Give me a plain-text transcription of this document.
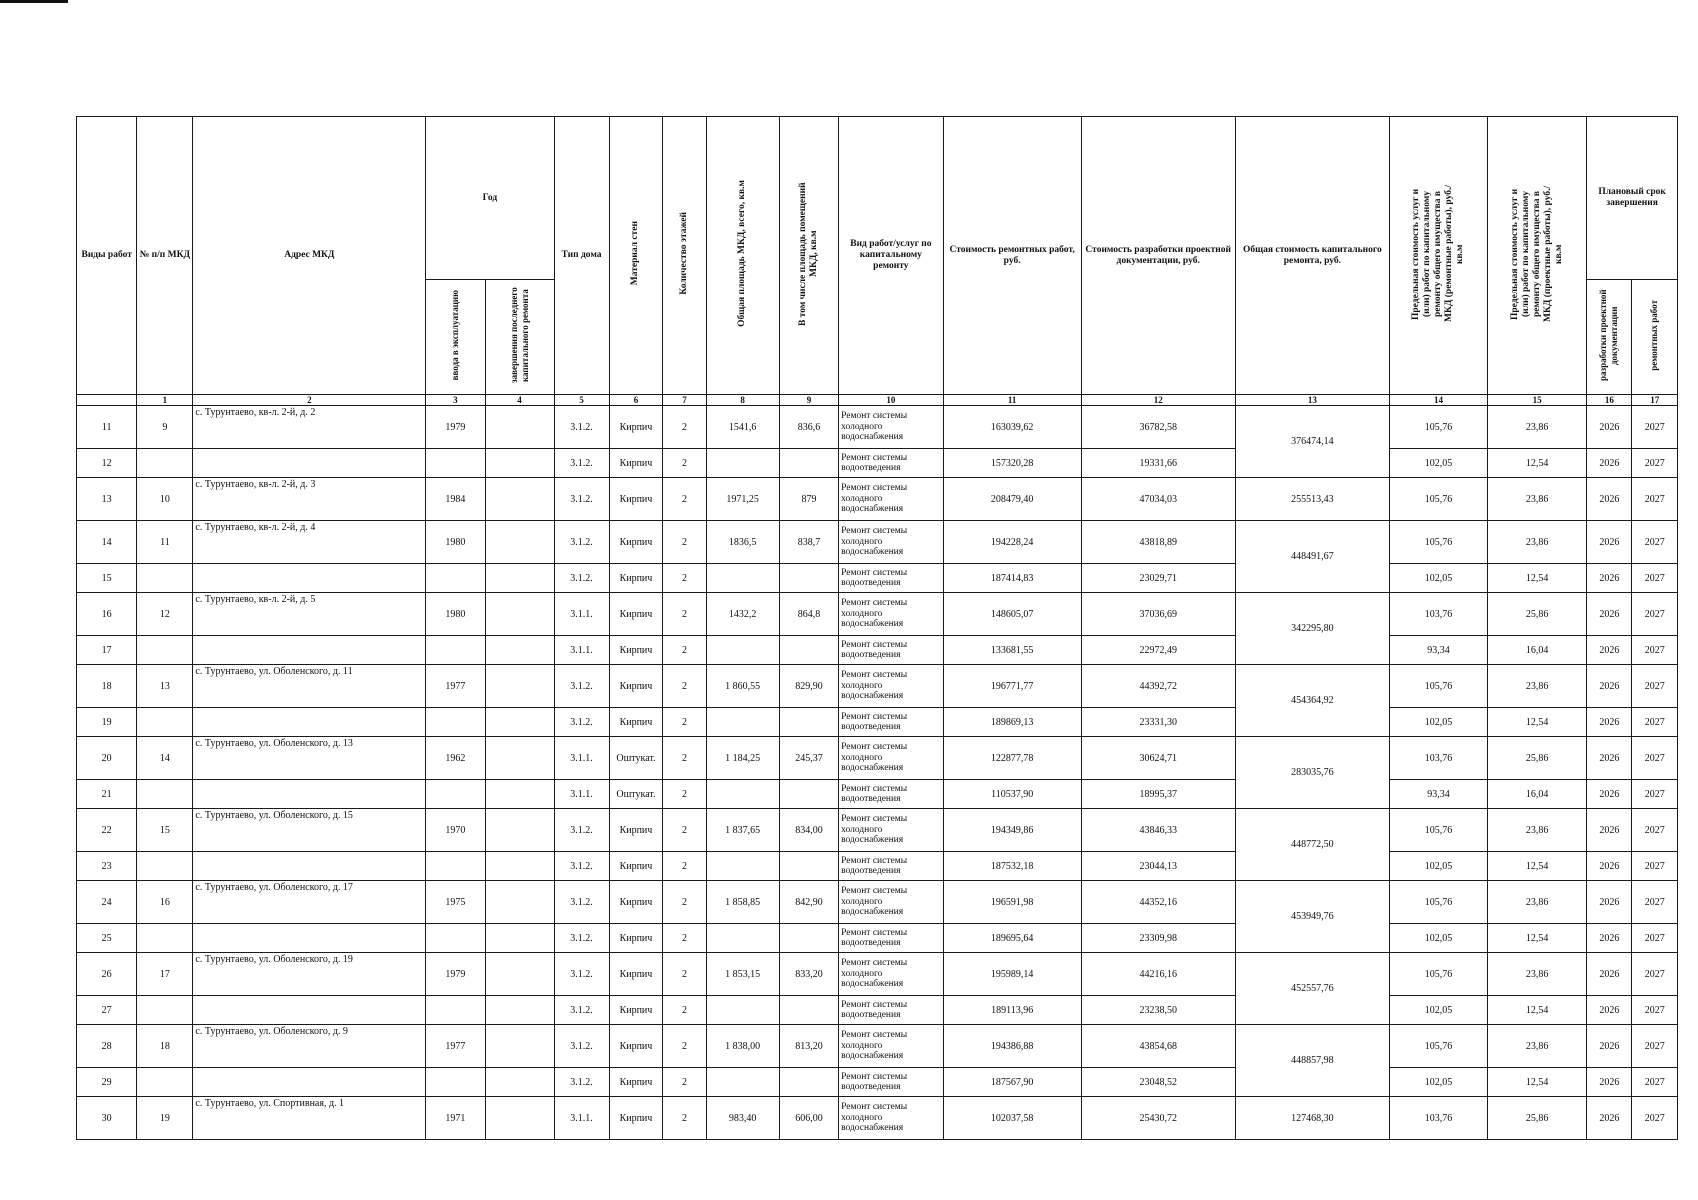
Виды работ	№ п/п МКД	Адрес МКД	Год		Тип дома	Материал стен	Количество этажей	Общая площадь МКД, всего, кв.м	В том числе площадь помещений МКД, кв.м	Вид работ/услуг по капитальному ремонту	Стоимость ремонтных работ, руб.	Стоимость разработки проектной документации, руб.	Общая стоимость капитального ремонта, руб.	Предельная стоимость услуг и (или) работ по капитальному ремонту общего имущества в МКД (ремонтные работы), руб./кв.м	Предельная стоимость услуг и (или) работ по капитальному ремонту общего имущества в МКД (проектные работы), руб./кв.м	Плановый срок завершения	
			ввода в эксплуатацию	завершения последнего капитального ремонта												разработки проектной документации	ремонтных работ
	1	2	3	4	5	6	7	8	9	10	11	12	13	14	15	16	17
11	9	с. Турунтаево, кв-л. 2-й, д. 2	1979		3.1.2.	Кирпич	2	1541,6	836,6	Ремонт системы холодного водоснабжения	163039,62	36782,58	376474,14	105,76	23,86	2026	2027
12					3.1.2.	Кирпич	2			Ремонт системы водоотведения	157320,28	19331,66		102,05	12,54	2026	2027
13	10	с. Турунтаево, кв-л. 2-й, д. 3	1984		3.1.2.	Кирпич	2	1971,25	879	Ремонт системы холодного водоснабжения	208479,40	47034,03	255513,43	105,76	23,86	2026	2027
14	11	с. Турунтаево, кв-л. 2-й, д. 4	1980		3.1.2.	Кирпич	2	1836,5	838,7	Ремонт системы холодного водоснабжения	194228,24	43818,89	448491,67	105,76	23,86	2026	2027
15					3.1.2.	Кирпич	2			Ремонт системы водоотведения	187414,83	23029,71		102,05	12,54	2026	2027
16	12	с. Турунтаево, кв-л. 2-й, д. 5	1980		3.1.1.	Кирпич	2	1432,2	864,8	Ремонт системы холодного водоснабжения	148605,07	37036,69	342295,80	103,76	25,86	2026	2027
17					3.1.1.	Кирпич	2			Ремонт системы водоотведения	133681,55	22972,49		93,34	16,04	2026	2027
18	13	с. Турунтаево, ул. Оболенского, д. 11	1977		3.1.2.	Кирпич	2	1 860,55	829,90	Ремонт системы холодного водоснабжения	196771,77	44392,72	454364,92	105,76	23,86	2026	2027
19					3.1.2.	Кирпич	2			Ремонт системы водоотведения	189869,13	23331,30		102,05	12,54	2026	2027
20	14	с. Турунтаево, ул. Оболенского, д. 13	1962		3.1.1.	Оштукат.	2	1 184,25	245,37	Ремонт системы холодного водоснабжения	122877,78	30624,71	283035,76	103,76	25,86	2026	2027
21					3.1.1.	Оштукат.	2			Ремонт системы водоотведения	110537,90	18995,37		93,34	16,04	2026	2027
22	15	с. Турунтаево, ул. Оболенского, д. 15	1970		3.1.2.	Кирпич	2	1 837,65	834,00	Ремонт системы холодного водоснабжения	194349,86	43846,33	448772,50	105,76	23,86	2026	2027
23					3.1.2.	Кирпич	2			Ремонт системы водоотведения	187532,18	23044,13		102,05	12,54	2026	2027
24	16	с. Турунтаево, ул. Оболенского, д. 17	1975		3.1.2.	Кирпич	2	1 858,85	842,90	Ремонт системы холодного водоснабжения	196591,98	44352,16	453949,76	105,76	23,86	2026	2027
25					3.1.2.	Кирпич	2			Ремонт системы водоотведения	189695,64	23309,98		102,05	12,54	2026	2027
26	17	с. Турунтаево, ул. Оболенского, д. 19	1979		3.1.2.	Кирпич	2	1 853,15	833,20	Ремонт системы холодного водоснабжения	195989,14	44216,16	452557,76	105,76	23,86	2026	2027
27					3.1.2.	Кирпич	2			Ремонт системы водоотведения	189113,96	23238,50		102,05	12,54	2026	2027
28	18	с. Турунтаево, ул. Оболенского, д. 9	1977		3.1.2.	Кирпич	2	1 838,00	813,20	Ремонт системы холодного водоснабжения	194386,88	43854,68	448857,98	105,76	23,86	2026	2027
29					3.1.2.	Кирпич	2			Ремонт системы водоотведения	187567,90	23048,52		102,05	12,54	2026	2027
30	19	с. Турунтаево, ул. Спортивная, д. 1	1971		3.1.1.	Кирпич	2	983,40	606,00	Ремонт системы холодного водоснабжения	102037,58	25430,72	127468,30	103,76	25,86	2026	2027
